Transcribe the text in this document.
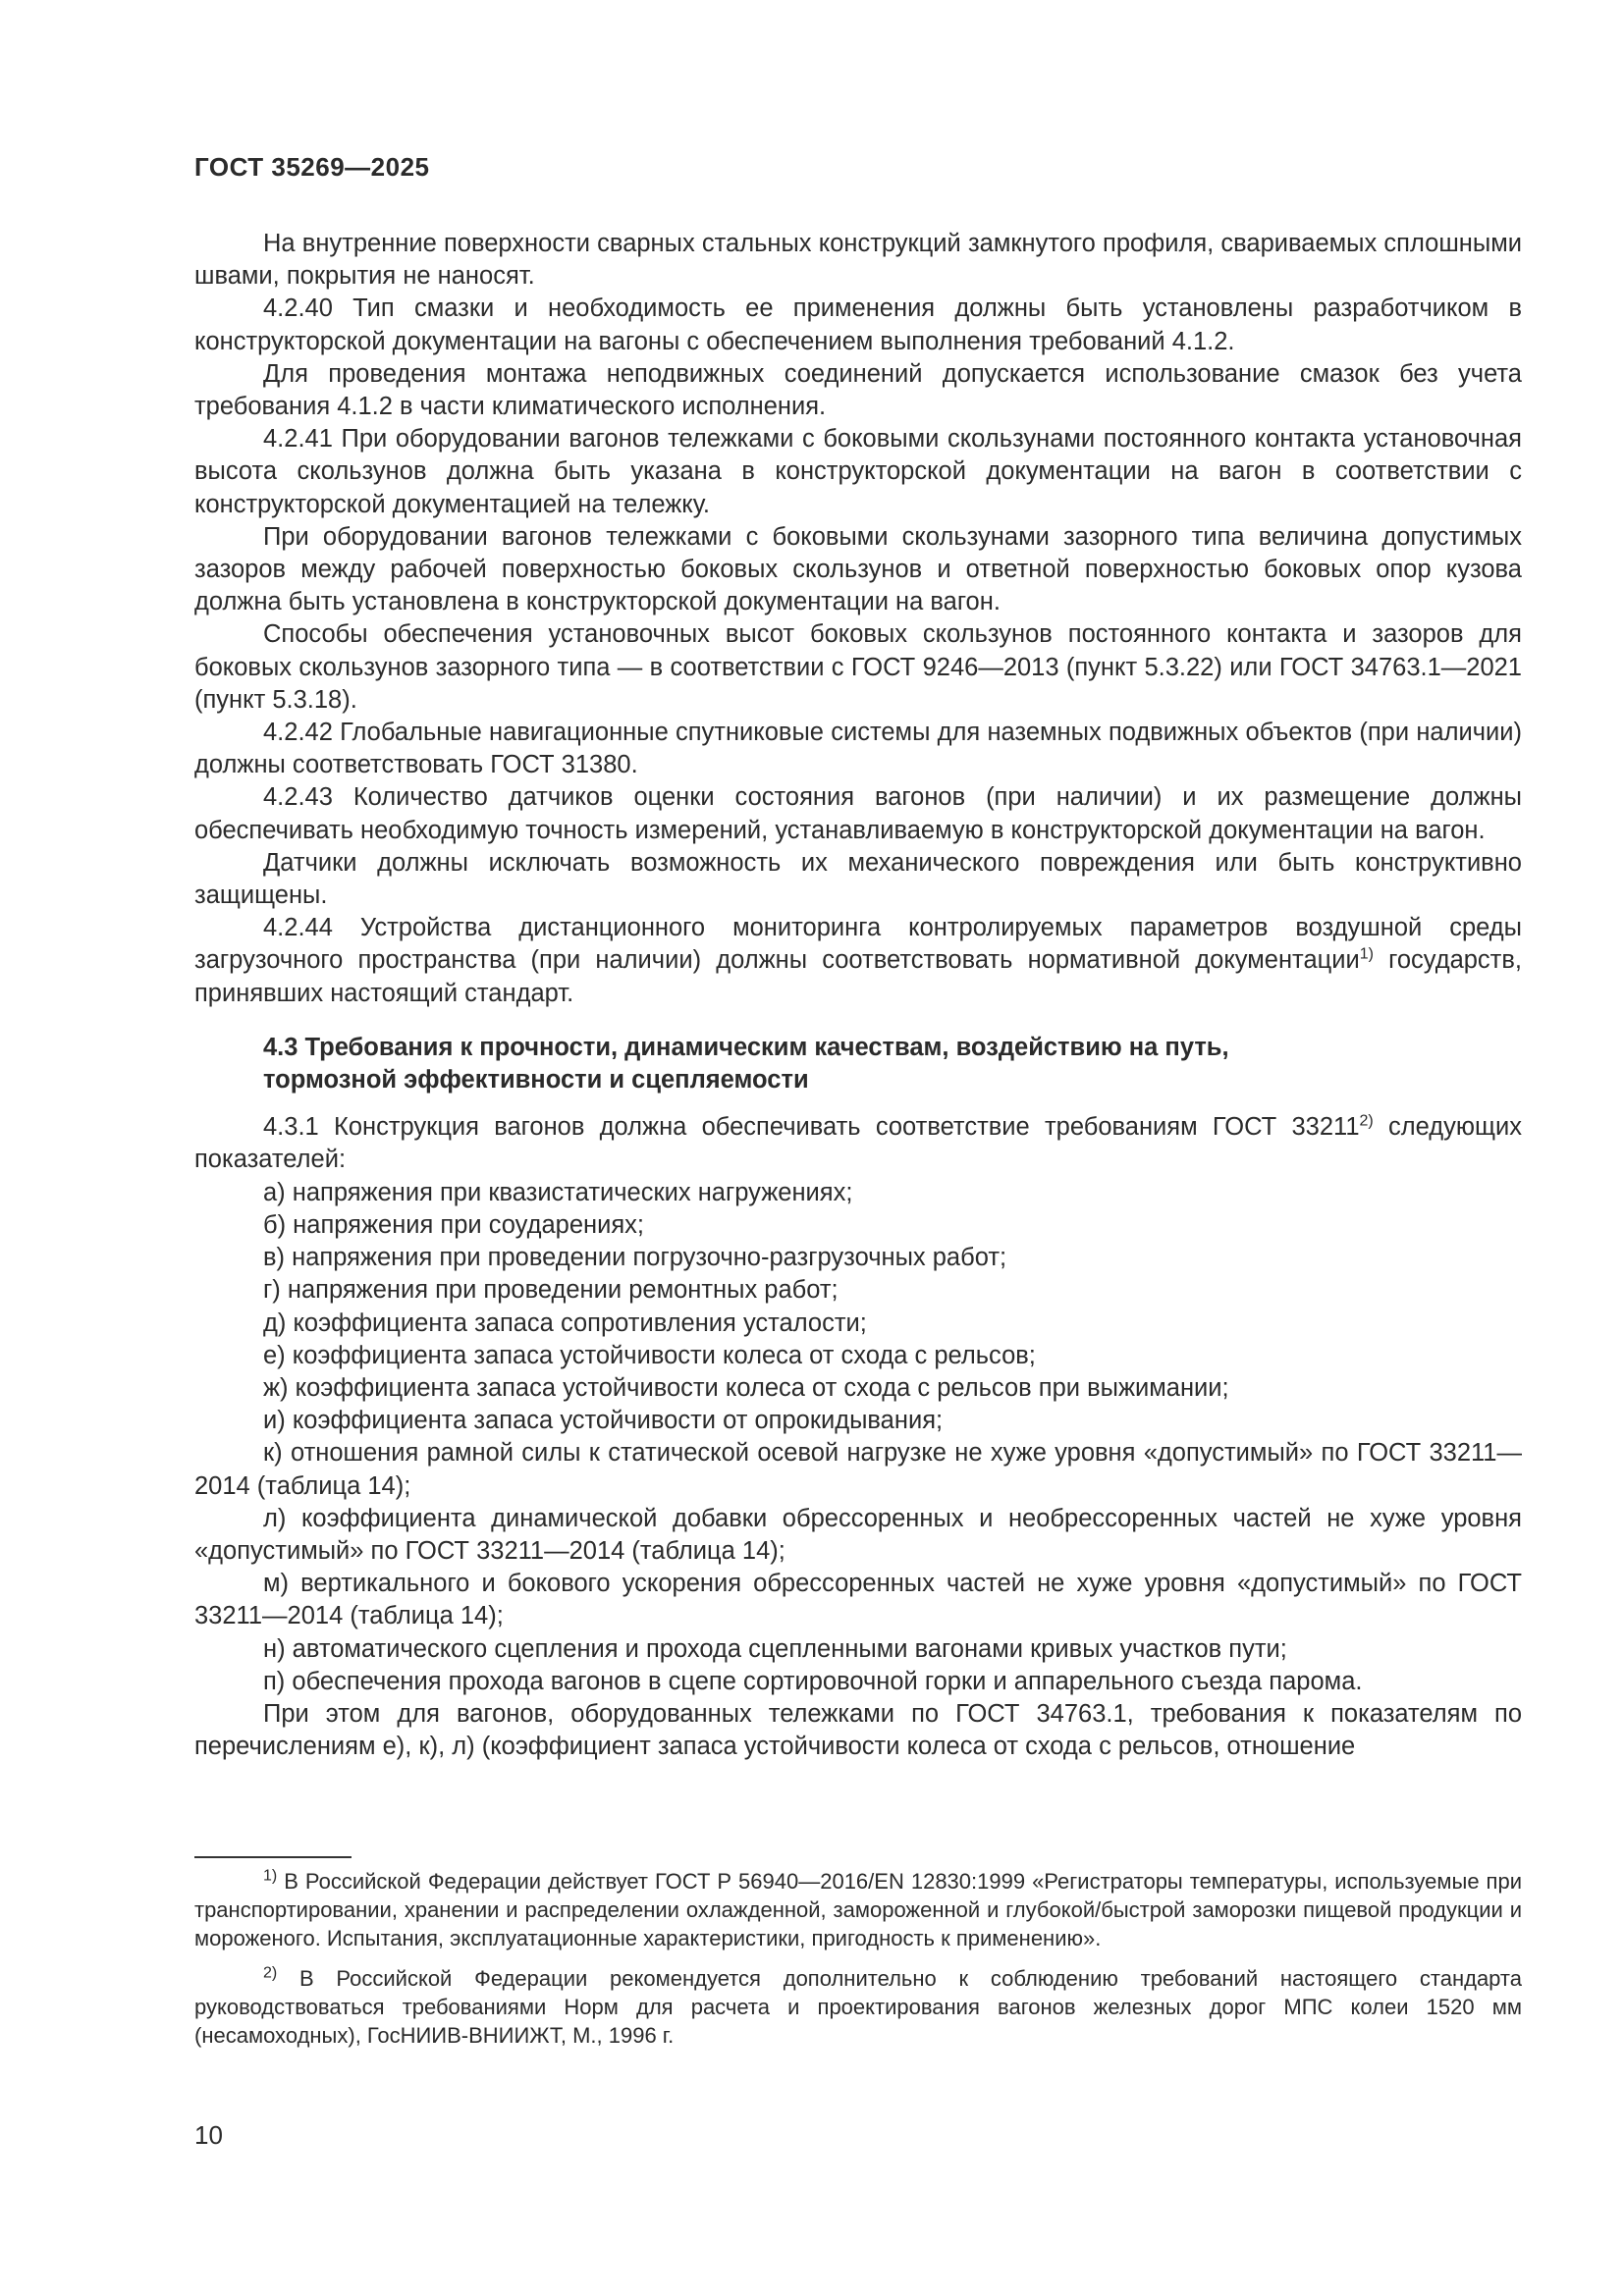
ГОСТ 35269—2025

На внутренние поверхности сварных стальных конструкций замкнутого профиля, свариваемых сплошными швами, покрытия не наносят.

4.2.40 Тип смазки и необходимость ее применения должны быть установлены разработчиком в конструкторской документации на вагоны с обеспечением выполнения требований 4.1.2.

Для проведения монтажа неподвижных соединений допускается использование смазок без учета требования 4.1.2 в части климатического исполнения.

4.2.41 При оборудовании вагонов тележками с боковыми скользунами постоянного контакта установочная высота скользунов должна быть указана в конструкторской документации на вагон в соответствии с конструкторской документацией на тележку.

При оборудовании вагонов тележками с боковыми скользунами зазорного типа величина допустимых зазоров между рабочей поверхностью боковых скользунов и ответной поверхностью боковых опор кузова должна быть установлена в конструкторской документации на вагон.

Способы обеспечения установочных высот боковых скользунов постоянного контакта и зазоров для боковых скользунов зазорного типа — в соответствии с ГОСТ 9246—2013 (пункт 5.3.22) или ГОСТ 34763.1—2021 (пункт 5.3.18).

4.2.42 Глобальные навигационные спутниковые системы для наземных подвижных объектов (при наличии) должны соответствовать ГОСТ 31380.

4.2.43 Количество датчиков оценки состояния вагонов (при наличии) и их размещение должны обеспечивать необходимую точность измерений, устанавливаемую в конструкторской документации на вагон.

Датчики должны исключать возможность их механического повреждения или быть конструктивно защищены.

4.2.44 Устройства дистанционного мониторинга контролируемых параметров воздушной среды загрузочного пространства (при наличии) должны соответствовать нормативной документации$^{1)}$ государств, принявших настоящий стандарт.

4.3 Требования к прочности, динамическим качествам, воздействию на путь,
тормозной эффективности и сцепляемости

4.3.1 Конструкция вагонов должна обеспечивать соответствие требованиям ГОСТ 33211$^{2)}$ следующих показателей:

а) напряжения при квазистатических нагружениях;

б) напряжения при соударениях;

в) напряжения при проведении погрузочно-разгрузочных работ;

г) напряжения при проведении ремонтных работ;

д) коэффициента запаса сопротивления усталости;

е) коэффициента запаса устойчивости колеса от схода с рельсов;

ж) коэффициента запаса устойчивости колеса от схода с рельсов при выжимании;

и) коэффициента запаса устойчивости от опрокидывания;

к) отношения рамной силы к статической осевой нагрузке не хуже уровня «допустимый» по ГОСТ 33211—2014 (таблица 14);

л) коэффициента динамической добавки обрессоренных и необрессоренных частей не хуже уровня «допустимый» по ГОСТ 33211—2014 (таблица 14);

м) вертикального и бокового ускорения обрессоренных частей не хуже уровня «допустимый» по ГОСТ 33211—2014 (таблица 14);

н) автоматического сцепления и прохода сцепленными вагонами кривых участков пути;

п) обеспечения прохода вагонов в сцепе сортировочной горки и аппарельного съезда парома.

При этом для вагонов, оборудованных тележками по ГОСТ 34763.1, требования к показателям по перечислениям е), к), л) (коэффициент запаса устойчивости колеса от схода с рельсов, отношение

$^{1)}$ В Российской Федерации действует ГОСТ Р 56940—2016/EN 12830:1999 «Регистраторы температуры, используемые при транспортировании, хранении и распределении охлажденной, замороженной и глубокой/быстрой заморозки пищевой продукции и мороженого. Испытания, эксплуатационные характеристики, пригодность к применению».

$^{2)}$ В Российской Федерации рекомендуется дополнительно к соблюдению требований настоящего стандарта руководствоваться требованиями Норм для расчета и проектирования вагонов железных дорог МПС колеи 1520 мм (несамоходных), ГосНИИВ-ВНИИЖТ, М., 1996 г.

10
